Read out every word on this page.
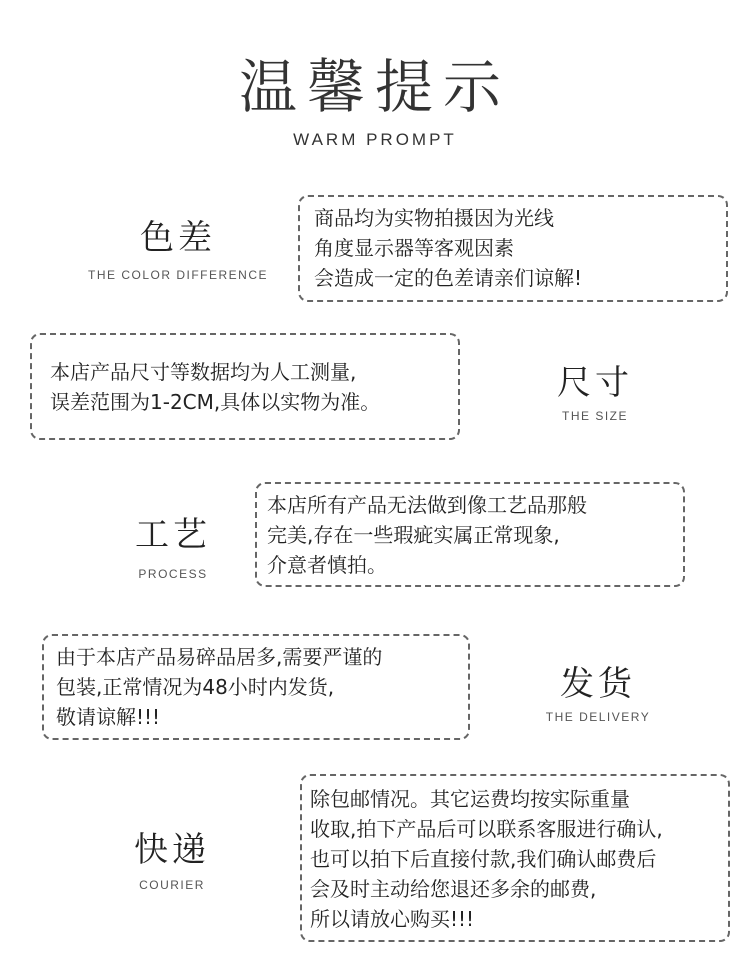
温馨提示
WARM PROMPT
色差
THE COLOR DIFFERENCE
商品均为实物拍摄因为光线
角度显示器等客观因素
会造成一定的色差请亲们谅解!
本店产品尺寸等数据均为人工测量,
误差范围为1-2CM,具体以实物为准。	尺寸
THE SIZE
工艺
PROCESS
本店所有产品无法做到像工艺品那般
完美,存在一些瑕疵实属正常现象,
介意者慎拍。
由于本店产品易碎品居多,需要严谨的
包装,正常情况为48小时内发货,
敬请谅解!!!
发货
THE DELIVERY
快递
COURIER
除包邮情况。其它运费均按实际重量
收取,拍下产品后可以联系客服进行确认,
也可以拍下后直接付款,我们确认邮费后
会及时主动给您退还多余的邮费,
所以请放心购买!!!
